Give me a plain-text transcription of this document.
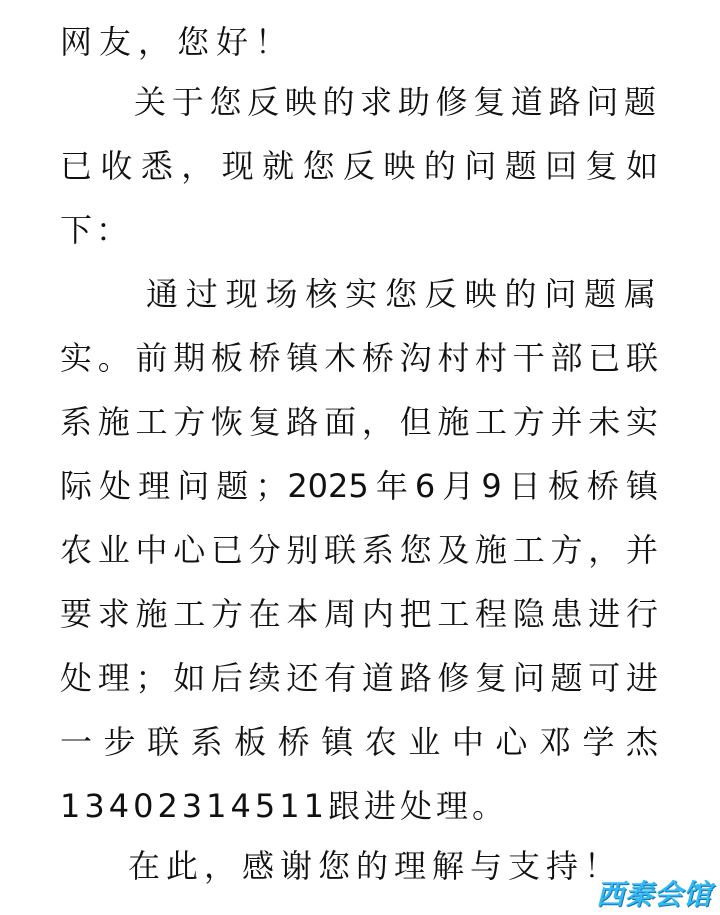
网友，您好！
关于您反映的求助修复道路问题
已收悉，现就您反映的问题回复如
下：
通过现场核实您反映的问题属
实。前期板桥镇木桥沟村村干部已联
系施工方恢复路面，但施工方并未实
际处理问题；2025年6月9日板桥镇
农业中心已分别联系您及施工方，并
要求施工方在本周内把工程隐患进行
处理；如后续还有道路修复问题可进
一步联系板桥镇农业中心邓学杰
13402314511跟进处理。
在此，感谢您的理解与支持！
西秦会馆
